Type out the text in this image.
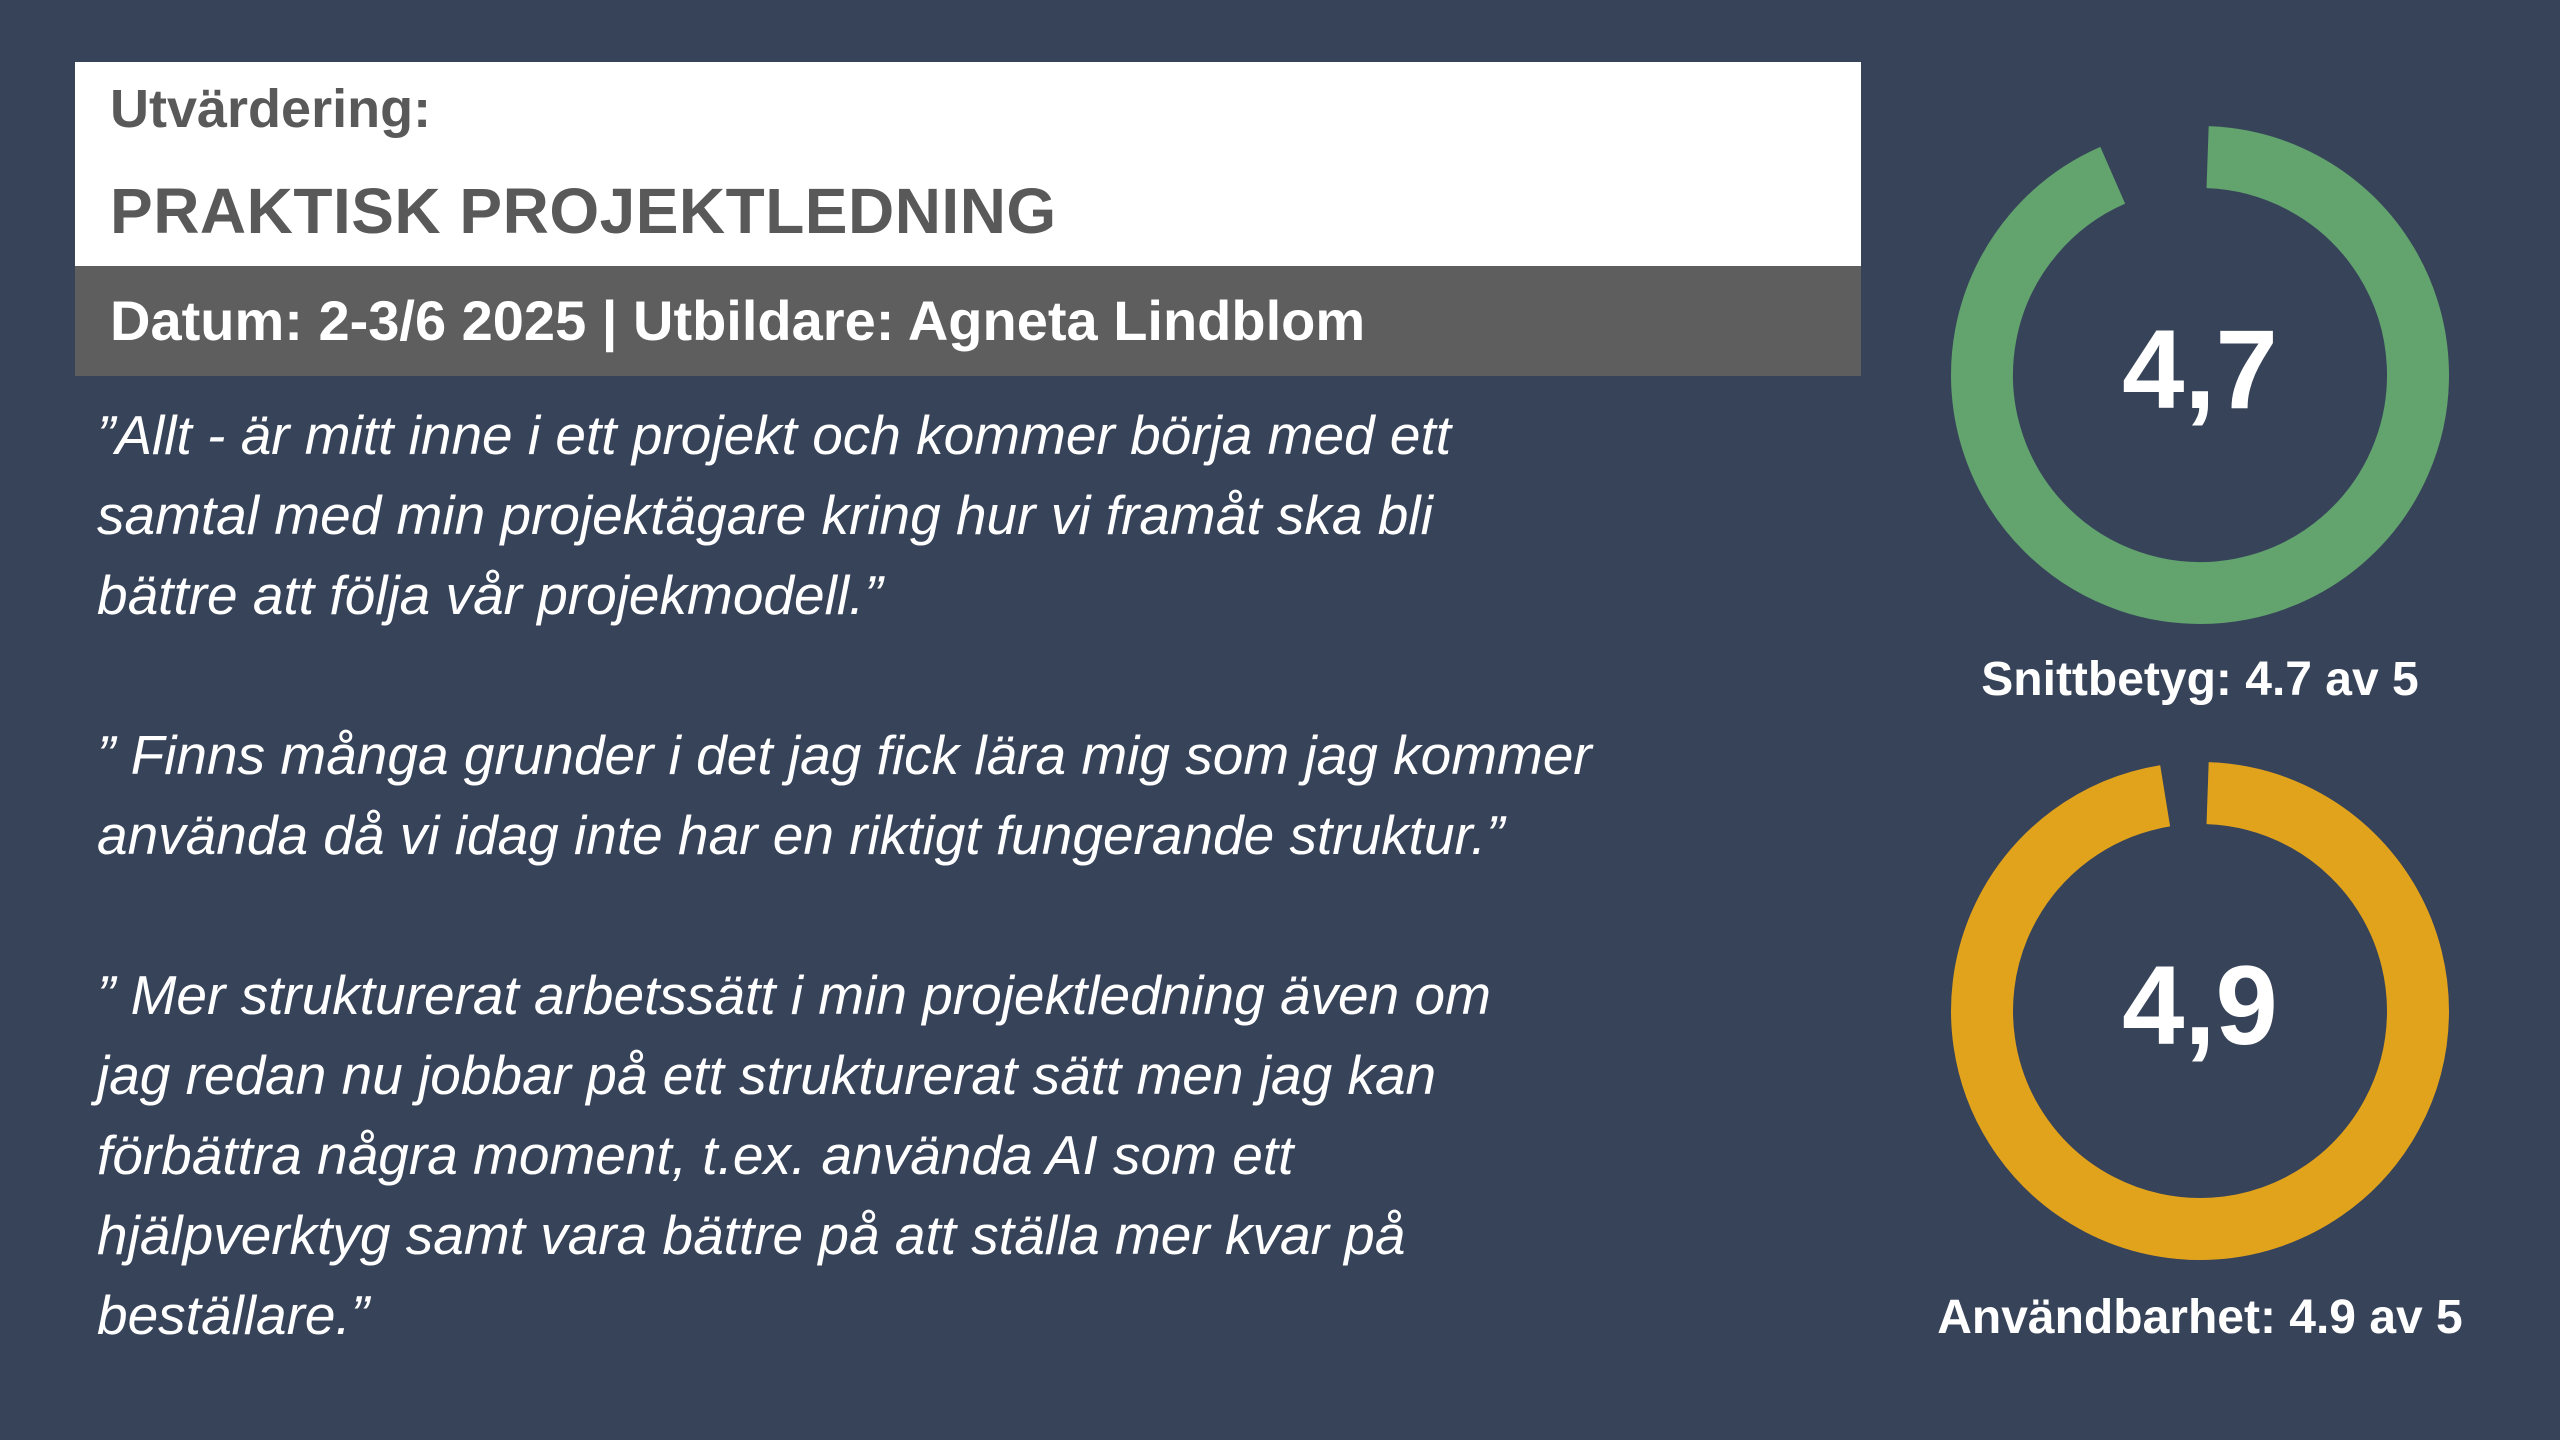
Utvärdering:
PRAKTISK PROJEKTLEDNING
Datum: 2-3/6 2025 | Utbildare: Agneta Lindblom

”Allt - är mitt inne i ett projekt och kommer börja med ett
samtal med min projektägare kring hur vi framåt ska bli
bättre att följa vår projekmodell.”

” Finns många grunder i det jag fick lära mig som jag kommer
använda då vi idag inte har en riktigt fungerande struktur.”

” Mer strukturerat arbetssätt i min projektledning även om
jag redan nu jobbar på ett strukturerat sätt men jag kan
förbättra några moment, t.ex. använda AI som ett
hjälpverktyg samt vara bättre på att ställa mer kvar på
beställare.”

4,7
Snittbetyg: 4.7 av 5
4,9
Användbarhet: 4.9 av 5
